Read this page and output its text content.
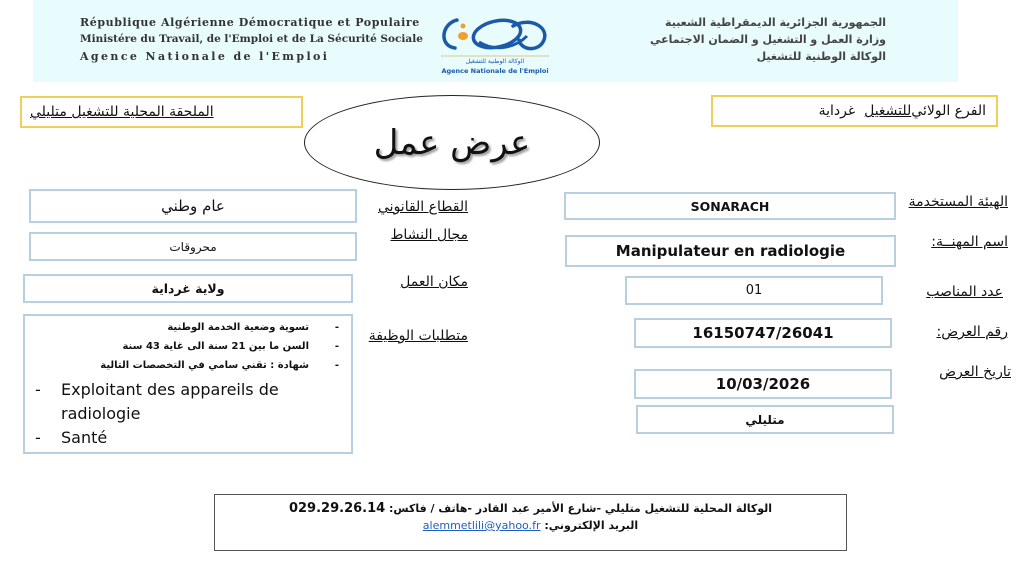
République Algérienne Démocratique et Populaire
Ministére du Travail, de l'Emploi et de La Sécurité Sociale
Agence Nationale de l'Emploi
الجمهورية الجزائرية الديمقراطية الشعبية
وزارة العمل و التشغيل و الضمان الاجتماعي
الوكالة الوطنية للتشغيل
الوكالة الوطنية للتشغيل
Agence Nationale de l'Emploi
الملحقة المحلية للتشغيل متليلي	الفرع الولائي
للتشغيل
غرداية
عرض عمل
عام وطني
محروقات
ولاية غرداية
- تسوية وضعية الخدمة الوطنية
- السن ما بين 21 سنة الى غاية 43 سنة
- شهادة : تقني سامي في التخصصات التالية
- Exploitant des appareils de radiologie
- Santé
القطاع القانوني
مجال النشاط
مكان العمل
متطلبات الوظيفة
SONARACH
Manipulateur en radiologie
01
16150747/26041
10/03/2026
متليلي
الهيئة المستخدمة
اسم المهنــة:
عدد المناصب
رقم العرض:
تاريخ العرض
الوكالة المحلية للتشغيل متليلي -شارع الأمير عبد القادر -هاتف / فاكس: 029.29.26.14
البريد الإلكتروني: alemmetlili@yahoo.fr
